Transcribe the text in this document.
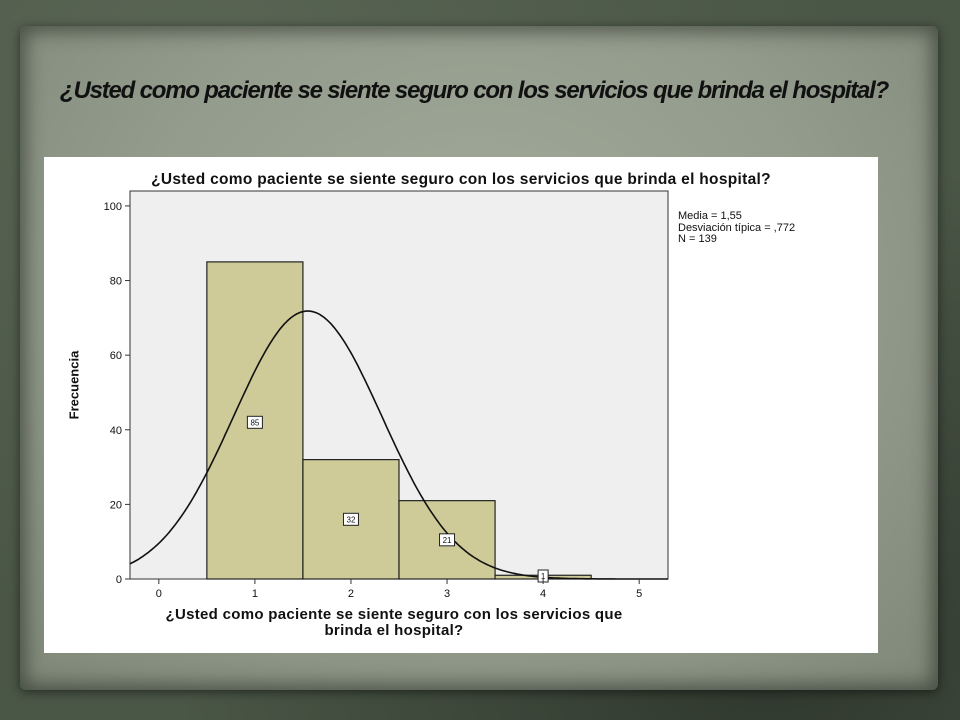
¿Usted como paciente se siente seguro con los servicios que brinda el hospital?
85
32
21
1
0	1	2	3	4	5
0
20
40
60
80
100
¿Usted como paciente se siente seguro con los servicios que brinda el hospital?
Media = 1,55
Desviación típica = ,772
N = 139
Frecuencia
¿Usted como paciente se siente seguro con los servicios que brinda el hospital?
